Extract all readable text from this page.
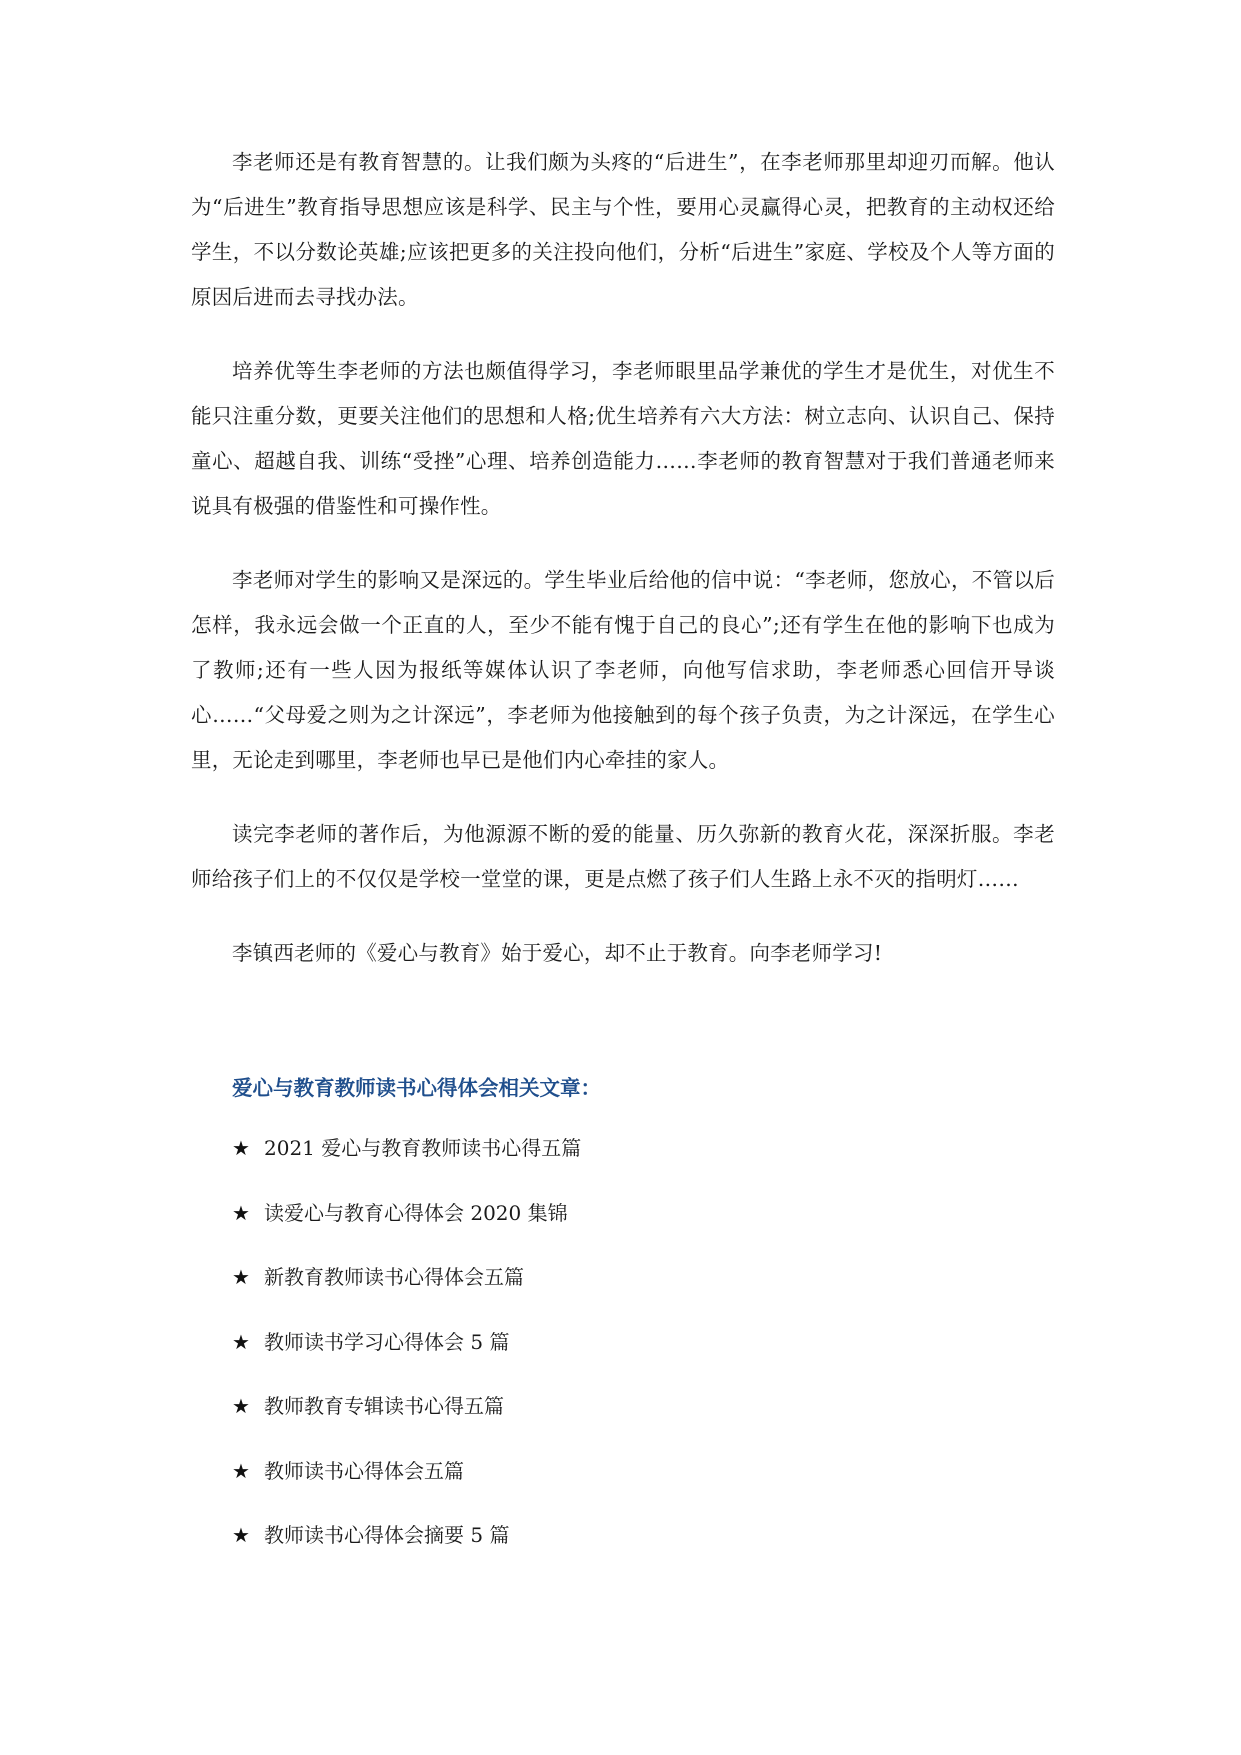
李老师还是有教育智慧的。让我们颇为头疼的“后进生”，在李老师那里却迎刃而解。他认为“后进生”教育指导思想应该是科学、民主与个性，要用心灵赢得心灵，把教育的主动权还给学生，不以分数论英雄;应该把更多的关注投向他们，分析“后进生”家庭、学校及个人等方面的原因后进而去寻找办法。

培养优等生李老师的方法也颇值得学习，李老师眼里品学兼优的学生才是优生，对优生不能只注重分数，更要关注他们的思想和人格;优生培养有六大方法：树立志向、认识自己、保持童心、超越自我、训练“受挫”心理、培养创造能力……李老师的教育智慧对于我们普通老师来说具有极强的借鉴性和可操作性。

李老师对学生的影响又是深远的。学生毕业后给他的信中说：“李老师，您放心，不管以后怎样，我永远会做一个正直的人，至少不能有愧于自己的良心”;还有学生在他的影响下也成为了教师;还有一些人因为报纸等媒体认识了李老师，向他写信求助，李老师悉心回信开导谈心……“父母爱之则为之计深远”，李老师为他接触到的每个孩子负责，为之计深远，在学生心里，无论走到哪里，李老师也早已是他们内心牵挂的家人。

读完李老师的著作后，为他源源不断的爱的能量、历久弥新的教育火花，深深折服。李老师给孩子们上的不仅仅是学校一堂堂的课，更是点燃了孩子们人生路上永不灭的指明灯……

李镇西老师的《爱心与教育》始于爱心，却不止于教育。向李老师学习!

爱心与教育教师读书心得体会相关文章：
★ 2021 爱心与教育教师读书心得五篇
★ 读爱心与教育心得体会 2020 集锦
★ 新教育教师读书心得体会五篇
★ 教师读书学习心得体会 5 篇
★ 教师教育专辑读书心得五篇
★ 教师读书心得体会五篇
★ 教师读书心得体会摘要 5 篇
